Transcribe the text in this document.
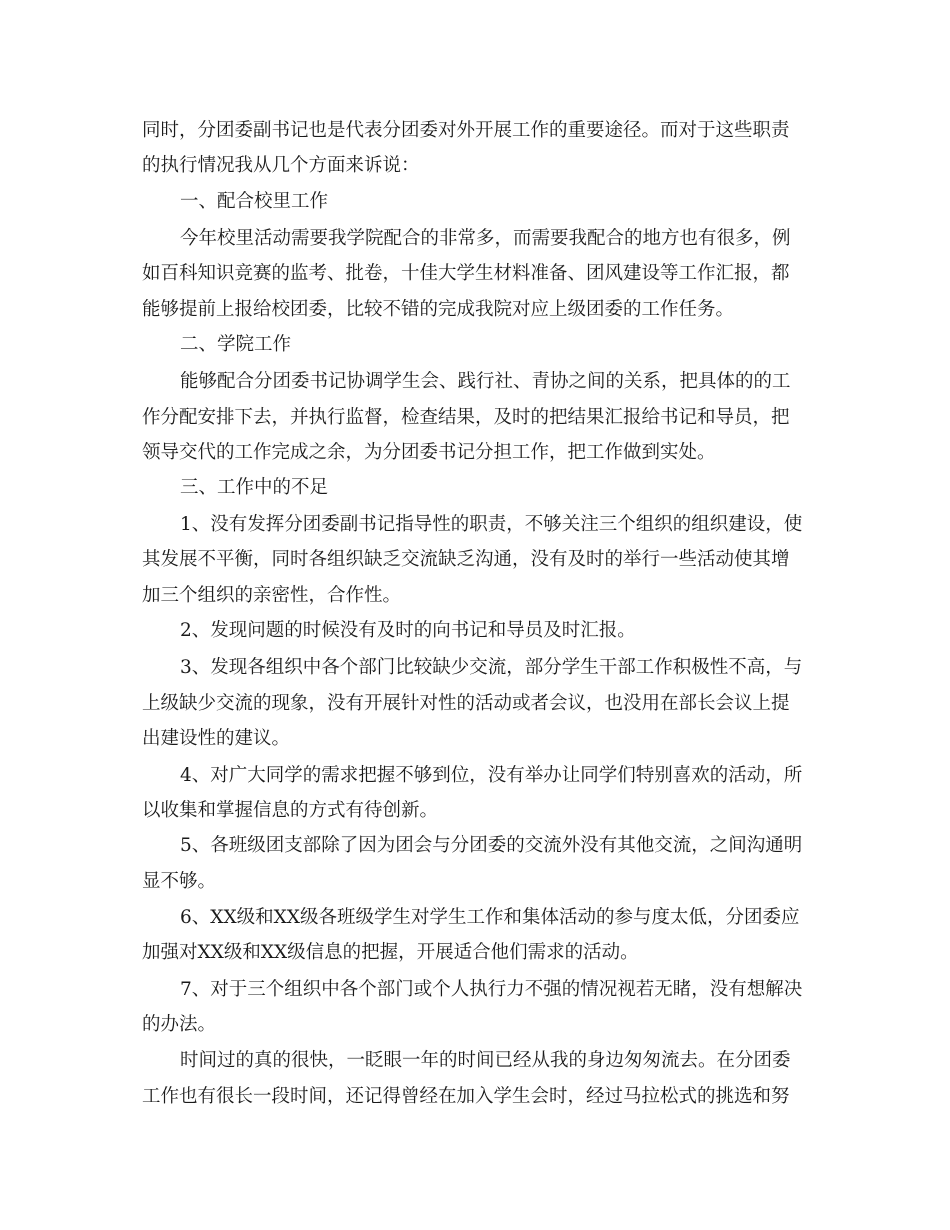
同时，分团委副书记也是代表分团委对外开展工作的重要途径。而对于这些职责
的执行情况我从几个方面来诉说：
一、配合校里工作
今年校里活动需要我学院配合的非常多，而需要我配合的地方也有很多，例
如百科知识竞赛的监考、批卷，十佳大学生材料准备、团风建设等工作汇报，都
能够提前上报给校团委，比较不错的完成我院对应上级团委的工作任务。
二、学院工作
能够配合分团委书记协调学生会、践行社、青协之间的关系，把具体的的工
作分配安排下去，并执行监督，检查结果，及时的把结果汇报给书记和导员，把
领导交代的工作完成之余，为分团委书记分担工作，把工作做到实处。
三、工作中的不足
1、没有发挥分团委副书记指导性的职责，不够关注三个组织的组织建设，使
其发展不平衡，同时各组织缺乏交流缺乏沟通，没有及时的举行一些活动使其增
加三个组织的亲密性，合作性。
2、发现问题的时候没有及时的向书记和导员及时汇报。
3、发现各组织中各个部门比较缺少交流，部分学生干部工作积极性不高，与
上级缺少交流的现象，没有开展针对性的活动或者会议，也没用在部长会议上提
出建设性的建议。
4、对广大同学的需求把握不够到位，没有举办让同学们特别喜欢的活动，所
以收集和掌握信息的方式有待创新。
5、各班级团支部除了因为团会与分团委的交流外没有其他交流，之间沟通明
显不够。
6、XX级和XX级各班级学生对学生工作和集体活动的参与度太低，分团委应
加强对XX级和XX级信息的把握，开展适合他们需求的活动。
7、对于三个组织中各个部门或个人执行力不强的情况视若无睹，没有想解决
的办法。
时间过的真的很快，一眨眼一年的时间已经从我的身边匆匆流去。在分团委
工作也有很长一段时间，还记得曾经在加入学生会时，经过马拉松式的挑选和努
